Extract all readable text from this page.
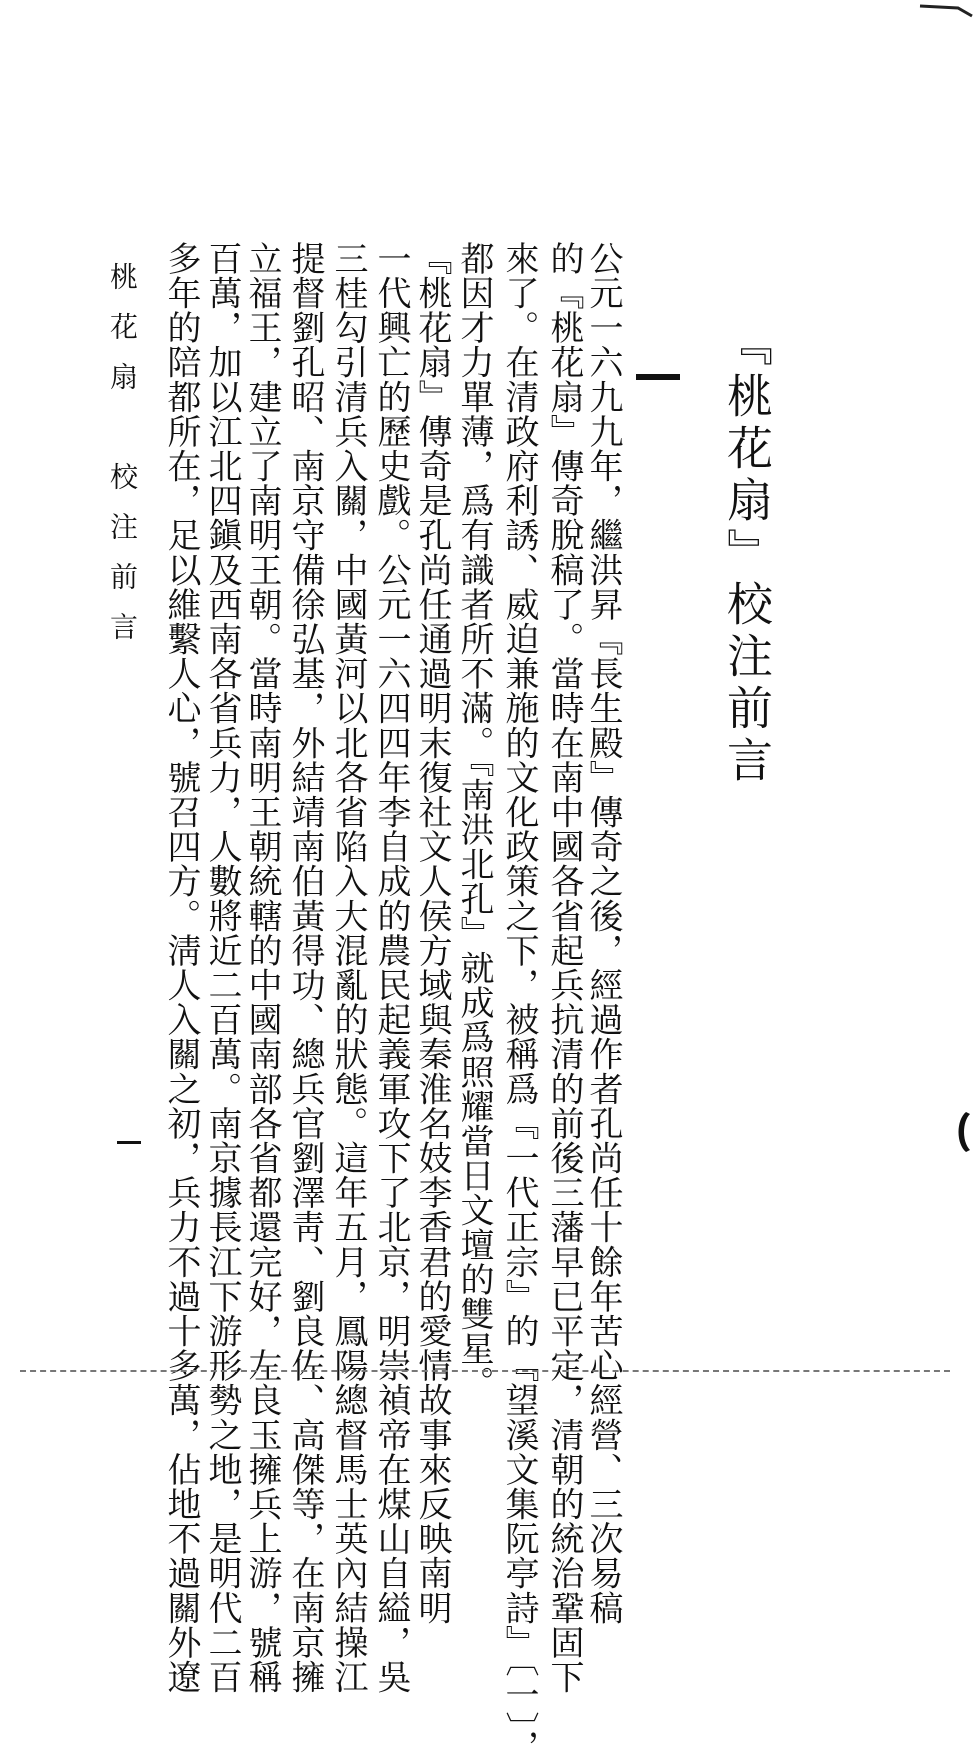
『桃花扇』校注前言
公元一六九九年，繼洪昇『長生殿』傳奇之後，經過作者孔尚任十餘年苦心經營、三次易稿
的『桃花扇』傳奇脫稿了。當時在南中國各省起兵抗清的前後三藩早已平定，清朝的統治鞏固下
來了。在清政府利誘、威迫兼施的文化政策之下，被稱爲『一代正宗』的『望溪文集阮亭詩』〔一〕，
都因才力單薄，爲有識者所不滿。『南洪北孔』就成爲照耀當日文壇的雙星。
『桃花扇』傳奇是孔尚任通過明末復社文人侯方域與秦淮名妓李香君的愛情故事來反映南明
一代興亡的歷史戲。公元一六四四年李自成的農民起義軍攻下了北京，明崇禎帝在煤山自縊，吳
三桂勾引清兵入關，中國黃河以北各省陷入大混亂的狀態。這年五月，鳳陽總督馬士英內結操江
提督劉孔昭、南京守備徐弘基，外結靖南伯黃得功、總兵官劉澤靑、劉良佐、高傑等，在南京擁
立福王，建立了南明王朝。當時南明王朝統轄的中國南部各省都還完好，左良玉擁兵上游，號稱
百萬，加以江北四鎭及西南各省兵力，人數將近二百萬。南京據長江下游形勢之地，是明代二百
多年的陪都所在，足以維繫人心，號召四方。淸人入關之初，兵力不過十多萬，佔地不過關外遼
桃花扇　校注前言
